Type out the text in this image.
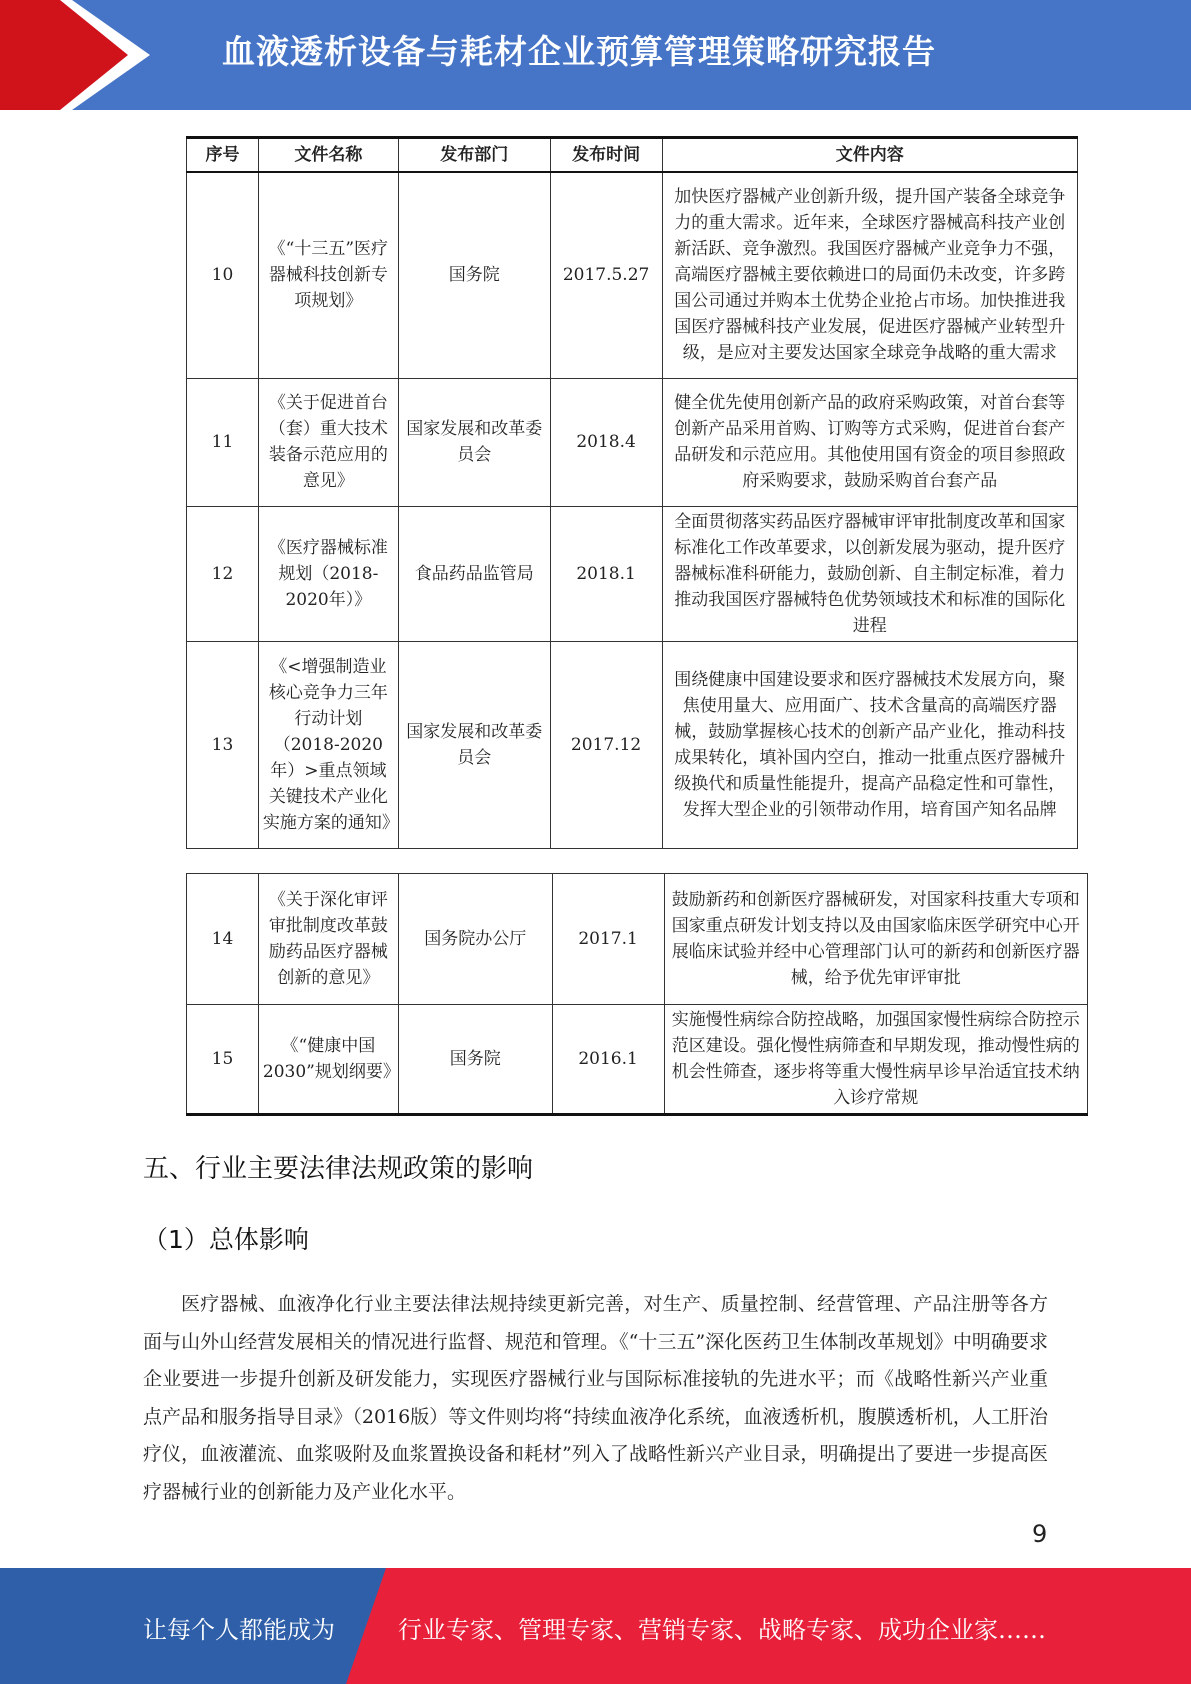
血液透析设备与耗材企业预算管理策略研究报告
序号	文件名称	发布部门	发布时间	文件内容
10	《“十三五”医疗器械科技创新专项规划》	国务院	2017.5.27	加快医疗器械产业创新升级，提升国产装备全球竞争力的重大需求。近年来，全球医疗器械高科技产业创新活跃、竞争激烈。我国医疗器械产业竞争力不强，高端医疗器械主要依赖进口的局面仍未改变，许多跨国公司通过并购本土优势企业抢占市场。加快推进我国医疗器械科技产业发展，促进医疗器械产业转型升级，是应对主要发达国家全球竞争战略的重大需求
11	《关于促进首台（套）重大技术装备示范应用的意见》	国家发展和改革委员会	2018.4	健全优先使用创新产品的政府采购政策，对首台套等创新产品采用首购、订购等方式采购，促进首台套产品研发和示范应用。其他使用国有资金的项目参照政府采购要求，鼓励采购首台套产品
12	《医疗器械标准规划（2018-2020年）》	食品药品监管局	2018.1	全面贯彻落实药品医疗器械审评审批制度改革和国家标准化工作改革要求，以创新发展为驱动，提升医疗器械标准科研能力，鼓励创新、自主制定标准，着力推动我国医疗器械特色优势领域技术和标准的国际化进程
13	《<增强制造业核心竞争力三年行动计划（2018-2020年）>重点领域关键技术产业化实施方案的通知》	国家发展和改革委员会	2017.12	围绕健康中国建设要求和医疗器械技术发展方向，聚焦使用量大、应用面广、技术含量高的高端医疗器械，鼓励掌握核心技术的创新产品产业化，推动科技成果转化，填补国内空白，推动一批重点医疗器械升级换代和质量性能提升，提高产品稳定性和可靠性，发挥大型企业的引领带动作用，培育国产知名品牌
14	《关于深化审评审批制度改革鼓励药品医疗器械创新的意见》	国务院办公厅	2017.1	鼓励新药和创新医疗器械研发，对国家科技重大专项和国家重点研发计划支持以及由国家临床医学研究中心开展临床试验并经中心管理部门认可的新药和创新医疗器械，给予优先审评审批
15	《“健康中国2030”规划纲要》	国务院	2016.1	实施慢性病综合防控战略，加强国家慢性病综合防控示范区建设。强化慢性病筛查和早期发现，推动慢性病的机会性筛查，逐步将等重大慢性病早诊早治适宜技术纳入诊疗常规
五、行业主要法律法规政策的影响
（1）总体影响
医疗器械、血液净化行业主要法律法规持续更新完善，对生产、质量控制、经营管理、产品注册等各方面与山外山经营发展相关的情况进行监督、规范和管理。《“十三五”深化医药卫生体制改革规划》中明确要求企业要进一步提升创新及研发能力，实现医疗器械行业与国际标准接轨的先进水平；而《战略性新兴产业重点产品和服务指导目录》（2016版）等文件则均将“持续血液净化系统，血液透析机，腹膜透析机，人工肝治疗仪，血液灌流、血浆吸附及血浆置换设备和耗材”列入了战略性新兴产业目录，明确提出了要进一步提高医疗器械行业的创新能力及产业化水平。
9
让每个人都能成为	行业专家、管理专家、营销专家、战略专家、成功企业家……
